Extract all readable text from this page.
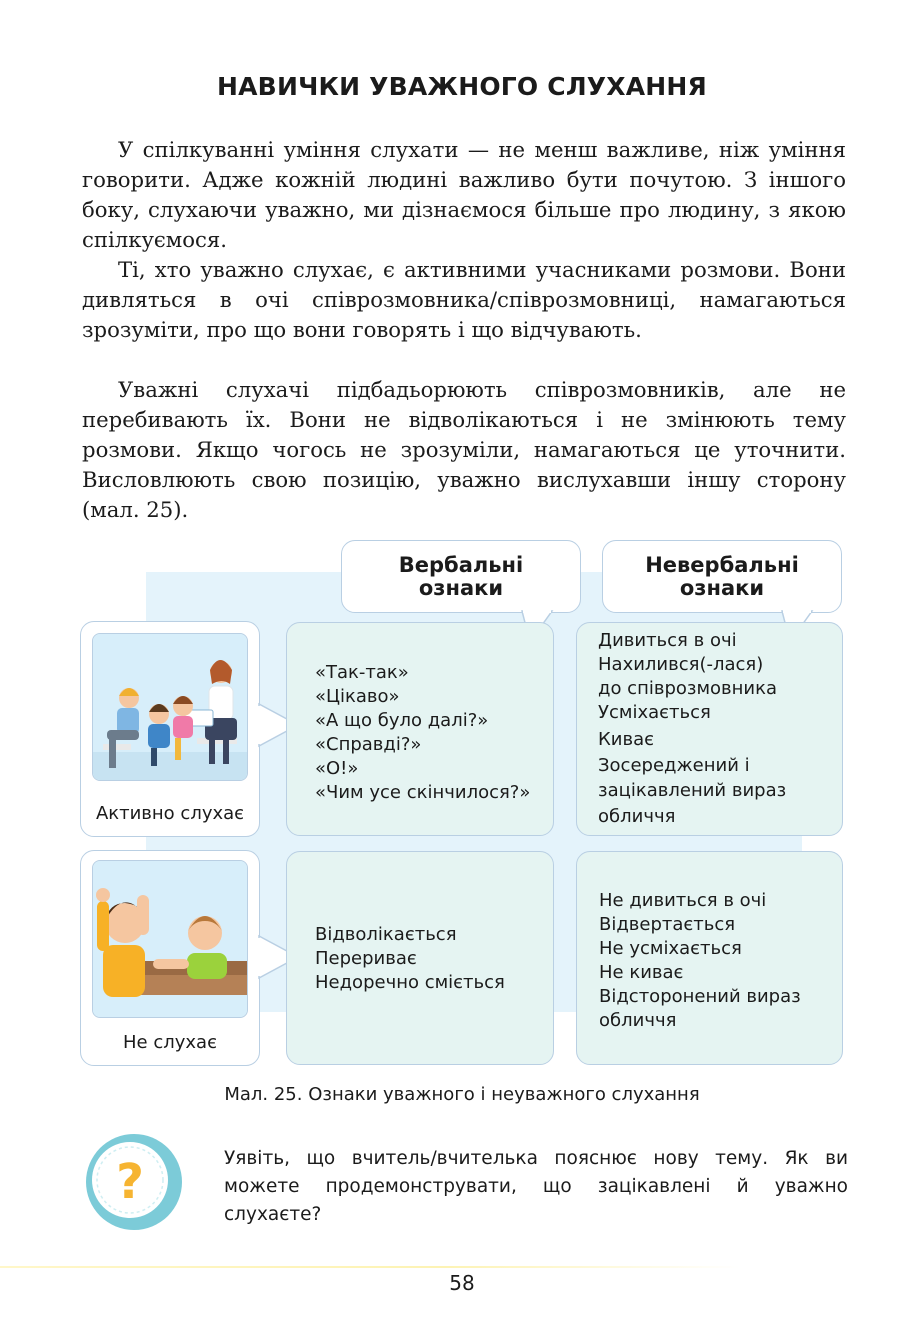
НАВИЧКИ УВАЖНОГО СЛУХАННЯ

У спілкуванні уміння слухати — не менш важливе, ніж уміння говорити. Адже кожній людині важливо бути почутою. З іншого боку, слухаючи уважно, ми дізнаємося більше про людину, з якою спілкуємося.

Ті, хто уважно слухає, є активними учасниками розмови. Вони дивляться в очі співрозмовника/співрозмовниці, намагаються зрозуміти, про що вони говорять і що відчувають.

Уважні слухачі підбадьорюють співрозмовників, але не перебивають їх. Вони не відволікаються і не змінюють тему розмови. Якщо чогось не зрозуміли, намагаються це уточнити. Висловлюють свою позицію, уважно вислухавши іншу сторону (мал. 25).

Вербальні
ознаки
Невербальні
ознаки
Активно слухає
«Так-так»
«Цікаво»
«А що було далі?»
«Справді?»
«О!»
«Чим усе скінчилося?»
Дивиться в очі
Нахилився(-лася)
до співрозмовника
Усміхається
Киває
Зосереджений і
зацікавлений вираз
обличчя
Не слухає
Відволікається
Перериває
Недоречно сміється
Не дивиться в очі
Відвертається
Не усміхається
Не киває
Відсторонений вираз
обличчя
Мал. 25. Ознаки уважного і неуважного слухання
?	Уявіть, що вчитель/вчителька пояснює нову тему. Як ви можете продемонструвати, що зацікавлені й уважно слухаєте?

58
